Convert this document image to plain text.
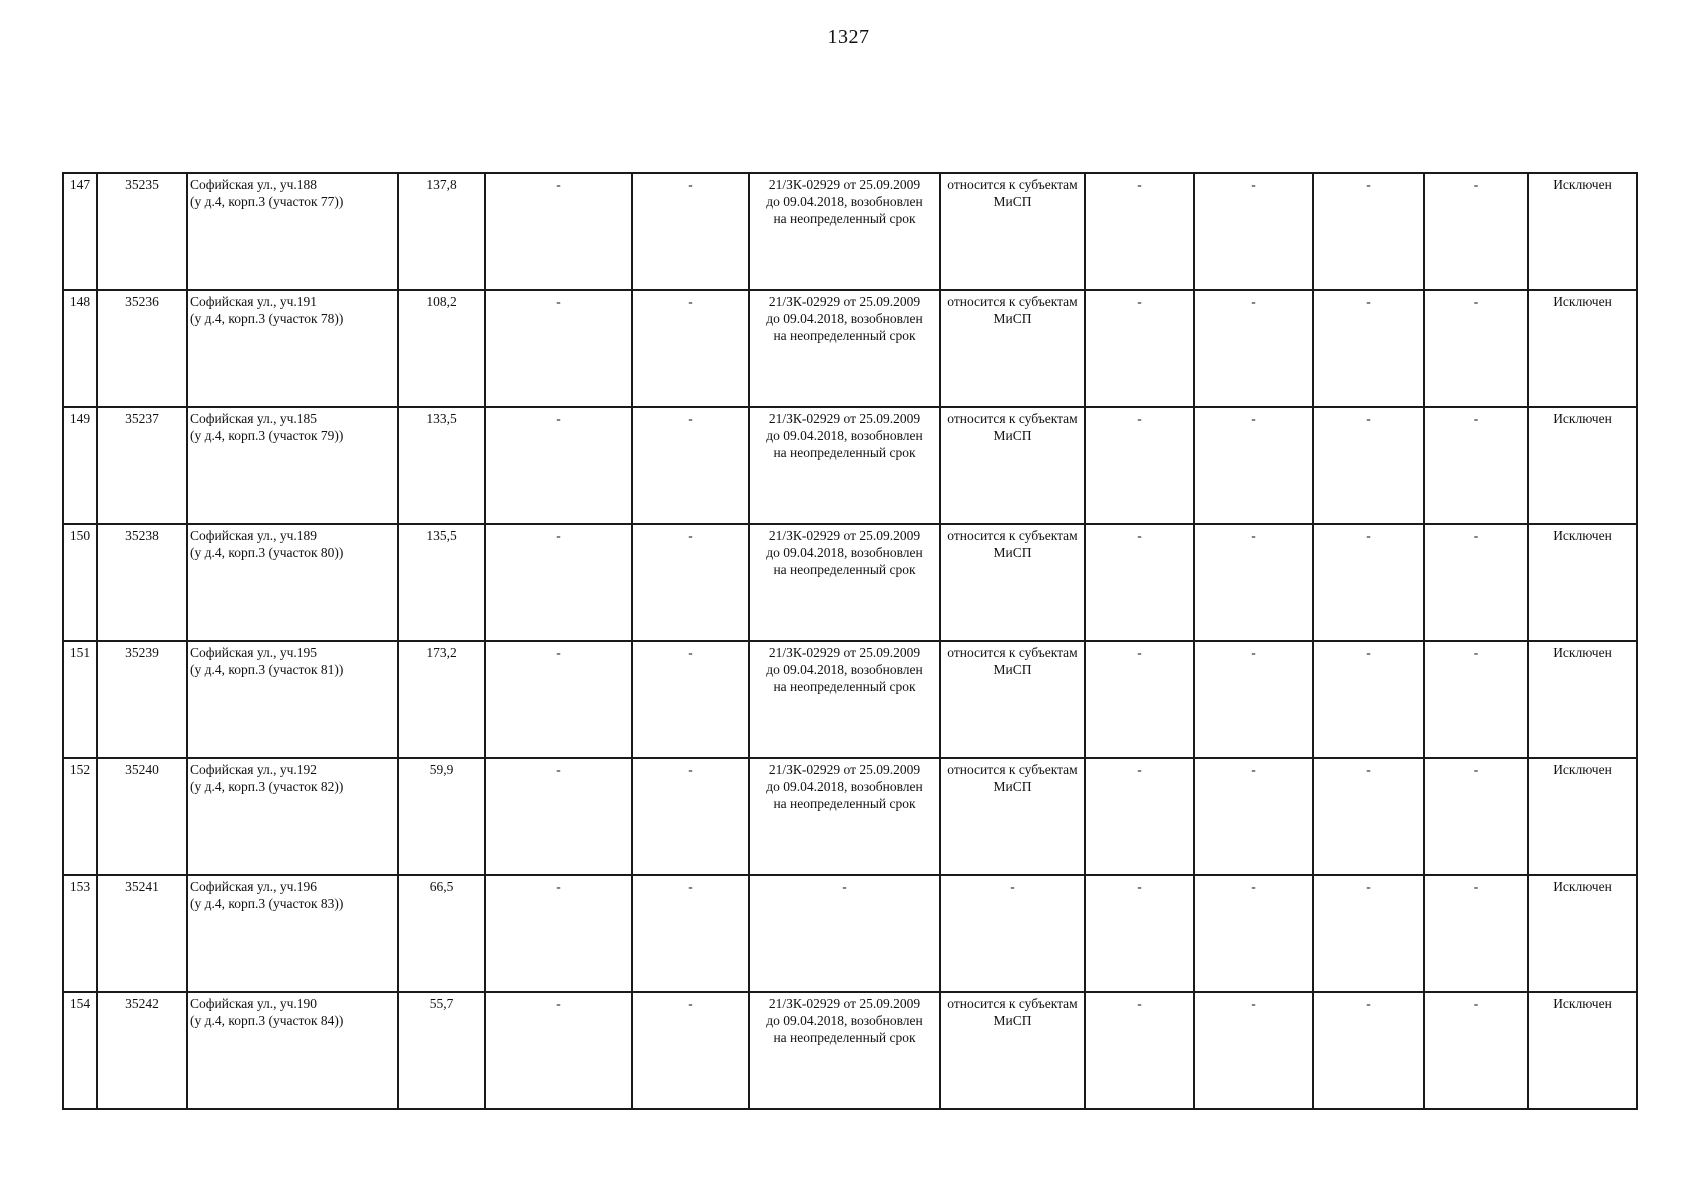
1327
147	35235	Софийская ул., уч.188
(у д.4, корп.3 (участок 77))	137,8	-	-	21/ЗК-02929 от 25.09.2009
до 09.04.2018, возобновлен
на неопределенный срок	относится к субъектам
МиСП	-	-	-	-	Исключен
148	35236	Софийская ул., уч.191
(у д.4, корп.3 (участок 78))	108,2	-	-	21/ЗК-02929 от 25.09.2009
до 09.04.2018, возобновлен
на неопределенный срок	относится к субъектам
МиСП	-	-	-	-	Исключен
149	35237	Софийская ул., уч.185
(у д.4, корп.3 (участок 79))	133,5	-	-	21/ЗК-02929 от 25.09.2009
до 09.04.2018, возобновлен
на неопределенный срок	относится к субъектам
МиСП	-	-	-	-	Исключен
150	35238	Софийская ул., уч.189
(у д.4, корп.3 (участок 80))	135,5	-	-	21/ЗК-02929 от 25.09.2009
до 09.04.2018, возобновлен
на неопределенный срок	относится к субъектам
МиСП	-	-	-	-	Исключен
151	35239	Софийская ул., уч.195
(у д.4, корп.3 (участок 81))	173,2	-	-	21/ЗК-02929 от 25.09.2009
до 09.04.2018, возобновлен
на неопределенный срок	относится к субъектам
МиСП	-	-	-	-	Исключен
152	35240	Софийская ул., уч.192
(у д.4, корп.3 (участок 82))	59,9	-	-	21/ЗК-02929 от 25.09.2009
до 09.04.2018, возобновлен
на неопределенный срок	относится к субъектам
МиСП	-	-	-	-	Исключен
153	35241	Софийская ул., уч.196
(у д.4, корп.3 (участок 83))	66,5	-	-	-	-	-	-	-	-	Исключен
154	35242	Софийская ул., уч.190
(у д.4, корп.3 (участок 84))	55,7	-	-	21/ЗК-02929 от 25.09.2009
до 09.04.2018, возобновлен
на неопределенный срок	относится к субъектам
МиСП	-	-	-	-	Исключен
